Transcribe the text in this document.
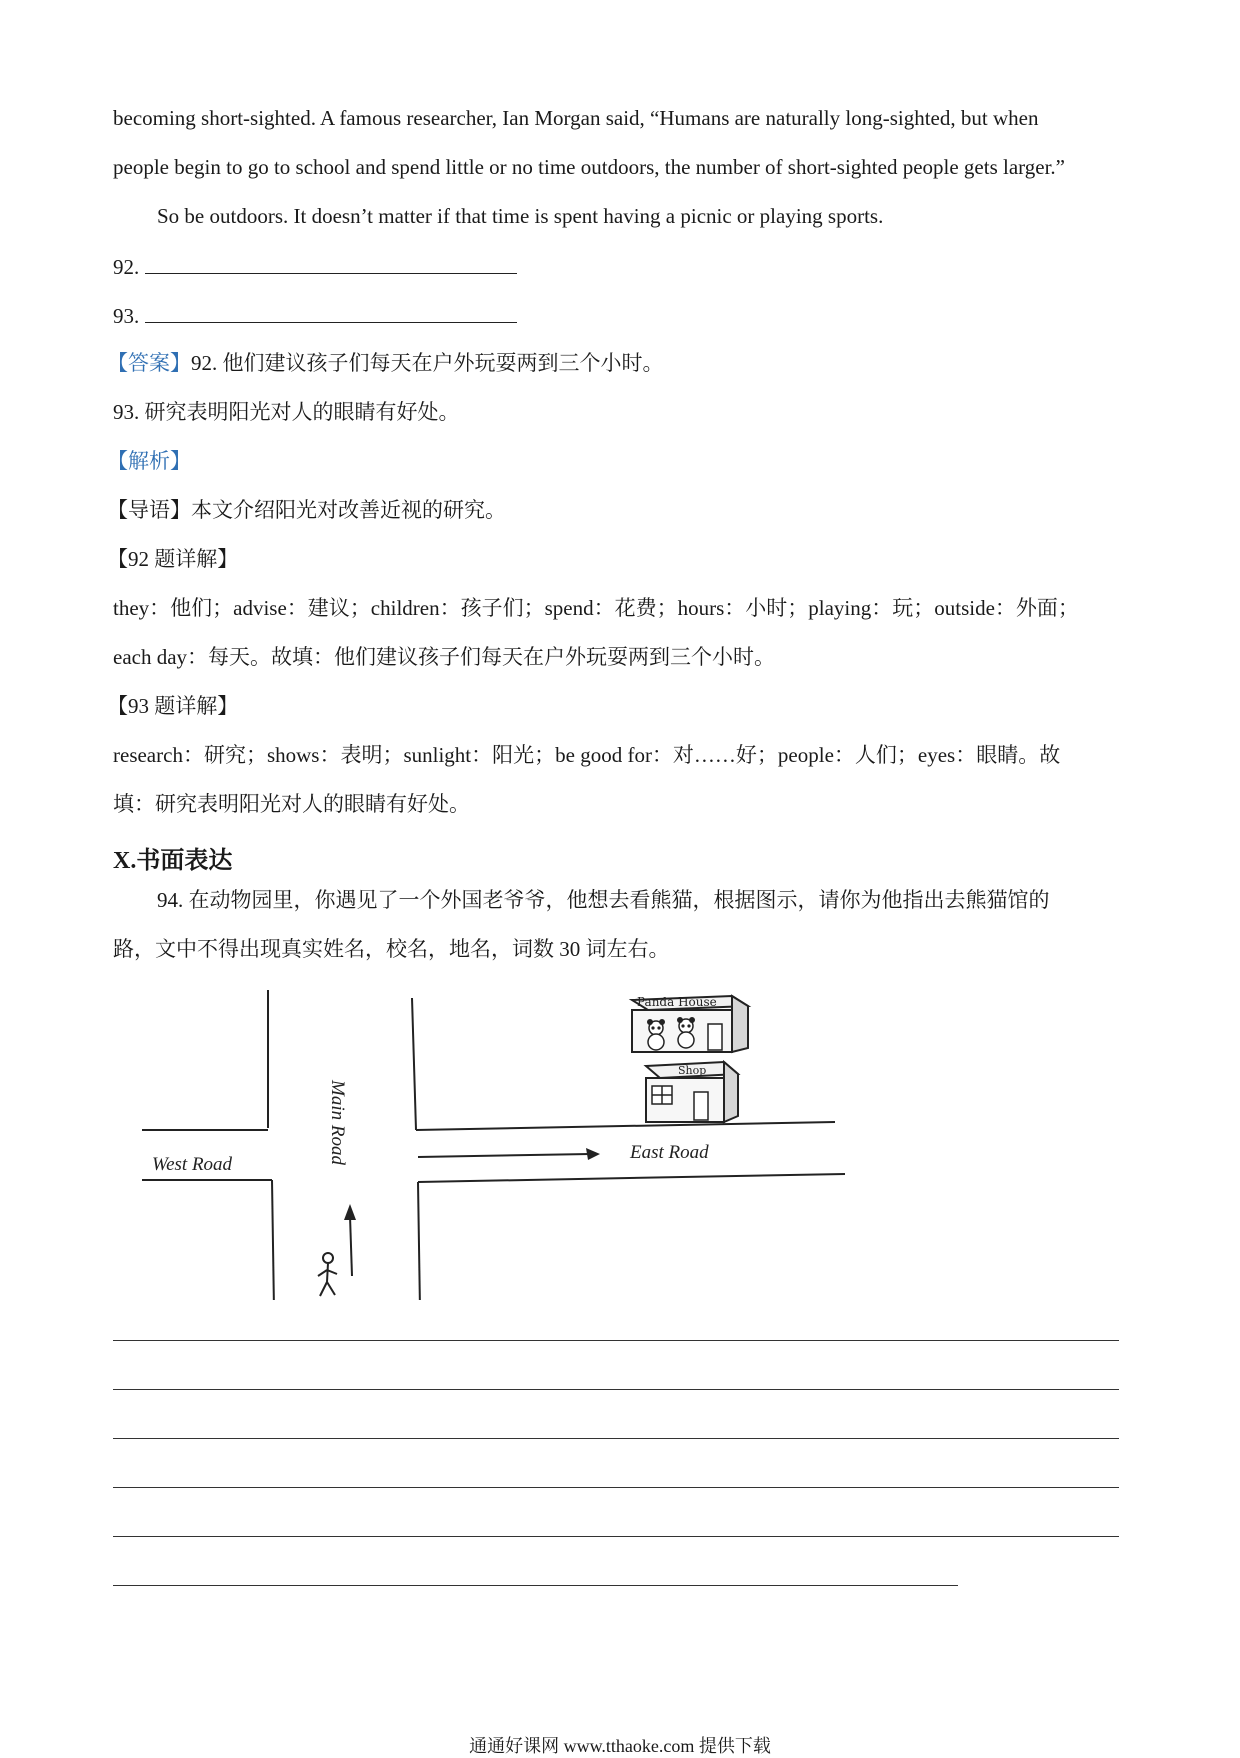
becoming short-sighted. A famous researcher, Ian Morgan said, “Humans are naturally long-sighted, but when
people begin to go to school and spend little or no time outdoors, the number of short-sighted people gets larger.”
So be outdoors. It doesn’t matter if that time is spent having a picnic or playing sports.
92.
93.
【答案】92. 他们建议孩子们每天在户外玩耍两到三个小时。
93. 研究表明阳光对人的眼睛有好处。
【解析】
【导语】本文介绍阳光对改善近视的研究。
【92 题详解】
they：他们；advise：建议；children：孩子们；spend：花费；hours：小时；playing：玩；outside：外面；
each day：每天。故填：他们建议孩子们每天在户外玩耍两到三个小时。
【93 题详解】
research：研究；shows：表明；sunlight：阳光；be good for：对……好；people：人们；eyes：眼睛。故
填：研究表明阳光对人的眼睛有好处。
X.书面表达
94. 在动物园里，你遇见了一个外国老爷爷，他想去看熊猫，根据图示，请你为他指出去熊猫馆的
路，文中不得出现真实姓名，校名，地名，词数 30 词左右。
Panda House
Shop
West Road
East Road
Main Road
通通好课网 www.tthaoke.com 提供下载
